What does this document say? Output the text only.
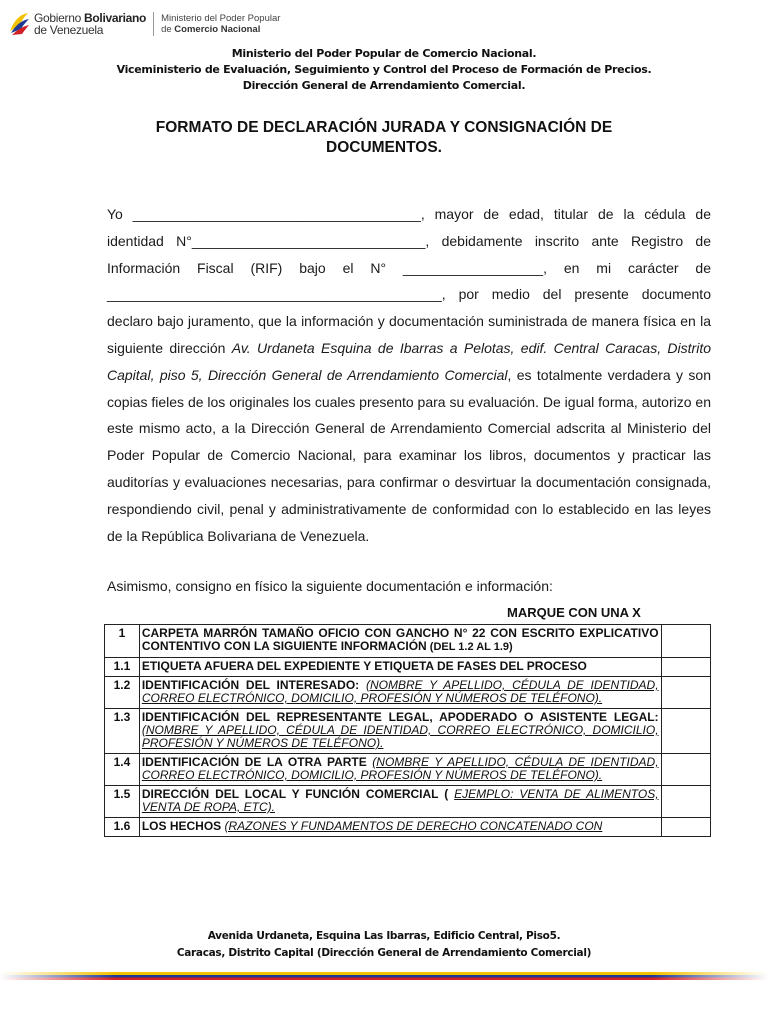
Gobierno Bolivariano
de Venezuela
Ministerio del Poder Popular
de Comercio Nacional
Ministerio del Poder Popular de Comercio Nacional.
Viceministerio de Evaluación, Seguimiento y Control del Proceso de Formación de Precios.
Dirección General de Arrendamiento Comercial.
FORMATO DE DECLARACIÓN JURADA Y CONSIGNACIÓN DE DOCUMENTOS.

Yo _____________________________________, mayor de edad, titular de la cédula de identidad N°______________________________, debidamente inscrito ante Registro de Información Fiscal (RIF) bajo el N° __________________, en mi carácter de ___________________________________________, por medio del presente documento declaro bajo juramento, que la información y documentación suministrada de manera física en la siguiente dirección Av. Urdaneta Esquina de Ibarras a Pelotas, edif. Central Caracas, Distrito Capital, piso 5, Dirección General de Arrendamiento Comercial, es totalmente verdadera y son copias fieles de los originales los cuales presento para su evaluación. De igual forma, autorizo en este mismo acto, a la Dirección General de Arrendamiento Comercial adscrita al Ministerio del Poder Popular de Comercio Nacional, para examinar los libros, documentos y practicar las auditorías y evaluaciones necesarias, para confirmar o desvirtuar la documentación consignada, respondiendo civil, penal y administrativamente de conformidad con lo establecido en las leyes de la República Bolivariana de Venezuela.

Asimismo, consigno en físico la siguiente documentación e información:
MARQUE CON UNA X
1	CARPETA MARRÓN TAMAÑO OFICIO CON GANCHO N° 22 CON ESCRITO EXPLICATIVO CONTENTIVO CON LA SIGUIENTE INFORMACIÓN (DEL 1.2 AL 1.9)	
1.1	ETIQUETA AFUERA DEL EXPEDIENTE Y ETIQUETA DE FASES DEL PROCESO	
1.2	IDENTIFICACIÓN DEL INTERESADO: (NOMBRE Y APELLIDO, CÉDULA DE IDENTIDAD, CORREO ELECTRÓNICO, DOMICILIO, PROFESIÓN Y NÚMEROS DE TELÉFONO).	
1.3	IDENTIFICACIÓN DEL REPRESENTANTE LEGAL, APODERADO O ASISTENTE LEGAL: (NOMBRE Y APELLIDO, CÉDULA DE IDENTIDAD, CORREO ELECTRÓNICO, DOMICILIO, PROFESIÓN Y NÚMEROS DE TELÉFONO).	
1.4	IDENTIFICACIÓN DE LA OTRA PARTE (NOMBRE Y APELLIDO, CÉDULA DE IDENTIDAD, CORREO ELECTRÓNICO, DOMICILIO, PROFESIÓN Y NÚMEROS DE TELÉFONO).	
1.5	DIRECCIÓN DEL LOCAL Y FUNCIÓN COMERCIAL ( EJEMPLO: VENTA DE ALIMENTOS, VENTA DE ROPA, ETC).	
1.6	LOS HECHOS (RAZONES Y FUNDAMENTOS DE DERECHO CONCATENADO CON	
Avenida Urdaneta, Esquina Las Ibarras, Edificio Central, Piso5.
Caracas, Distrito Capital (Dirección General de Arrendamiento Comercial)
